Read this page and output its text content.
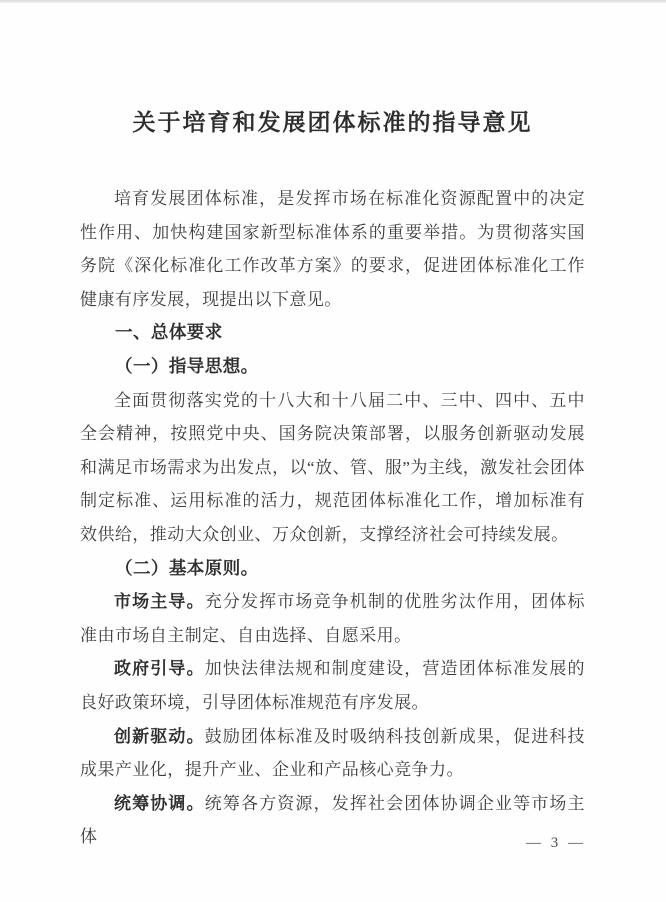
关于培育和发展团体标准的指导意见

培育发展团体标准，是发挥市场在标准化资源配置中的决定性作用、加快构建国家新型标准体系的重要举措。为贯彻落实国务院《深化标准化工作改革方案》的要求，促进团体标准化工作健康有序发展，现提出以下意见。

一、总体要求
（一）指导思想。

全面贯彻落实党的十八大和十八届二中、三中、四中、五中全会精神，按照党中央、国务院决策部署，以服务创新驱动发展和满足市场需求为出发点，以“放、管、服”为主线，激发社会团体制定标准、运用标准的活力，规范团体标准化工作，增加标准有效供给，推动大众创业、万众创新，支撑经济社会可持续发展。

（二）基本原则。

市场主导。充分发挥市场竞争机制的优胜劣汰作用，团体标准由市场自主制定、自由选择、自愿采用。

政府引导。加快法律法规和制度建设，营造团体标准发展的良好政策环境，引导团体标准规范有序发展。

创新驱动。鼓励团体标准及时吸纳科技创新成果，促进科技成果产业化，提升产业、企业和产品核心竞争力。

统筹协调。统筹各方资源，发挥社会团体协调企业等市场主体	— 3 —
